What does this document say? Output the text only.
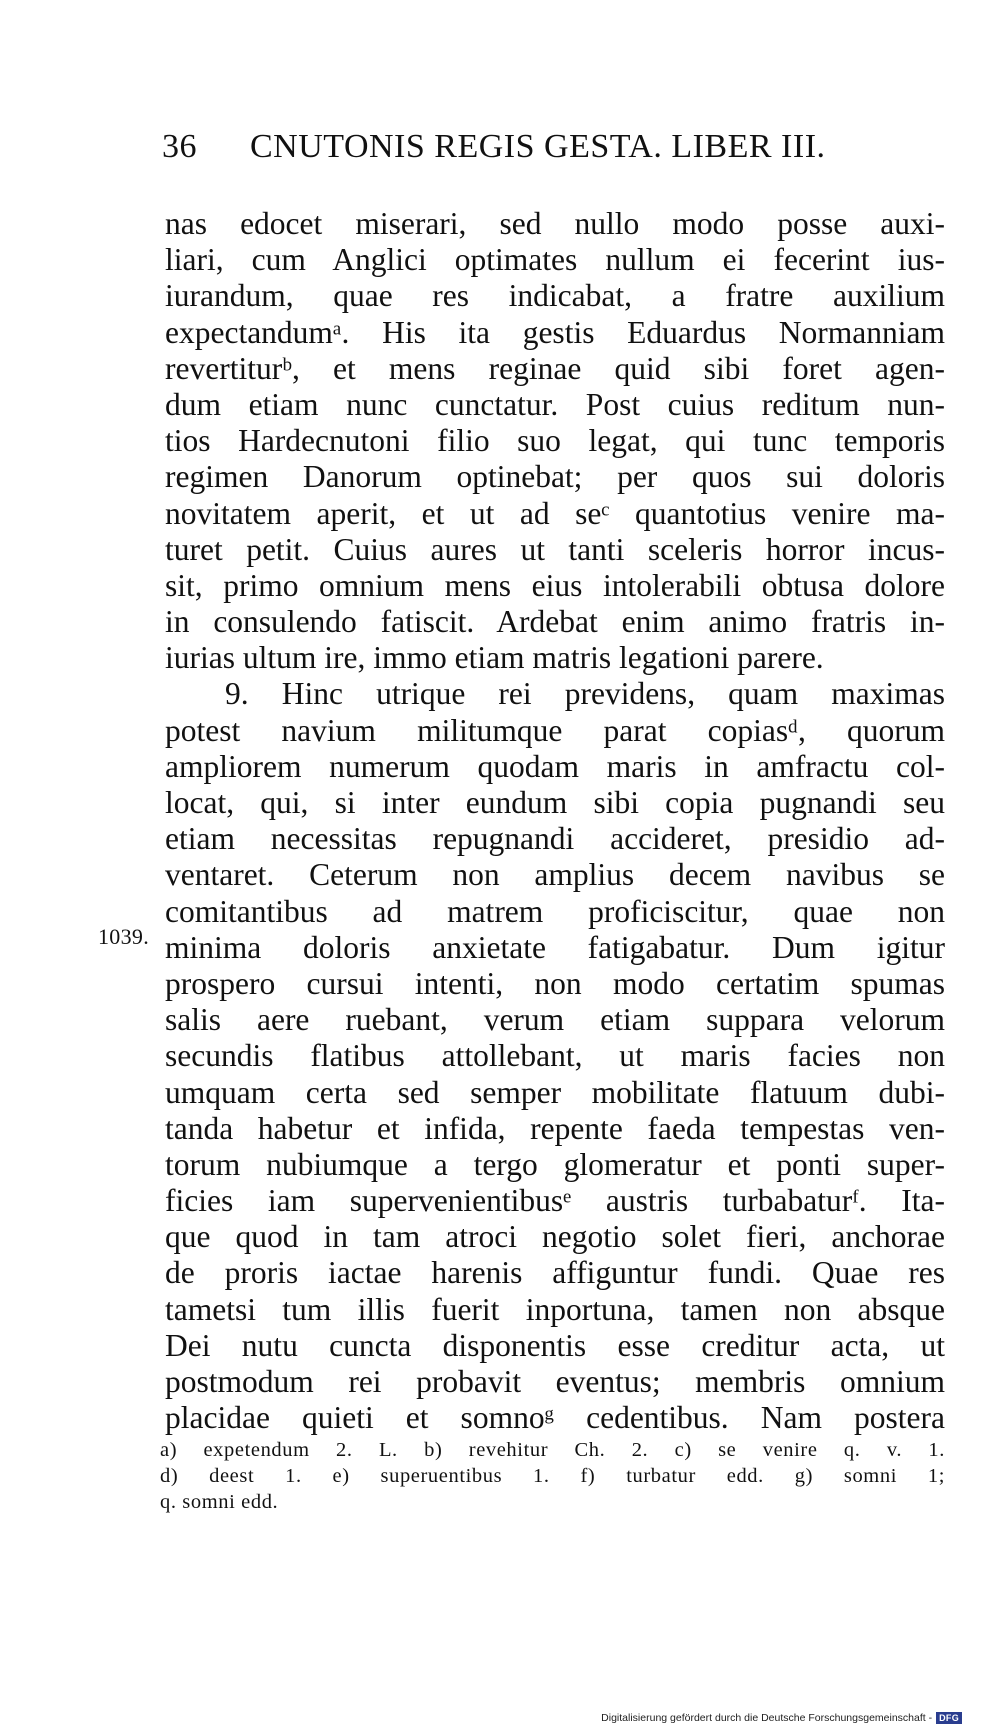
36 CNUTONIS REGIS GESTA. LIBER III.
nas edocet miserari, sed nullo modo posse auxi-
liari, cum Anglici optimates nullum ei fecerint ius-
iurandum, quae res indicabat, a fratre auxilium
expectandumᵃ. His ita gestis Eduardus Normanniam
revertiturᵇ, et mens reginae quid sibi foret agen-
dum etiam nunc cunctatur. Post cuius reditum nun-
tios Hardecnutoni filio suo legat, qui tunc temporis
regimen Danorum optinebat; per quos sui doloris
novitatem aperit, et ut ad seᶜ quantotius venire ma-
turet petit. Cuius aures ut tanti sceleris horror incus-
sit, primo omnium mens eius intolerabili obtusa dolore
in consulendo fatiscit. Ardebat enim animo fratris in-
iurias ultum ire, immo etiam matris legationi parere.
9. Hinc utrique rei previdens, quam maximas
potest navium militumque parat copiasᵈ, quorum
ampliorem numerum quodam maris in amfractu col-
locat, qui, si inter eundum sibi copia pugnandi seu
etiam necessitas repugnandi accideret, presidio ad-
ventaret. Ceterum non amplius decem navibus se
comitantibus ad matrem proficiscitur, quae non
minima doloris anxietate fatigabatur. Dum igitur
prospero cursui intenti, non modo certatim spumas
salis aere ruebant, verum etiam suppara velorum
secundis flatibus attollebant, ut maris facies non
umquam certa sed semper mobilitate flatuum dubi-
tanda habetur et infida, repente faeda tempestas ven-
torum nubiumque a tergo glomeratur et ponti super-
ficies iam supervenientibusᵉ austris turbabaturᶠ. Ita-
que quod in tam atroci negotio solet fieri, anchorae
de proris iactae harenis affiguntur fundi. Quae res
tametsi tum illis fuerit inportuna, tamen non absque
Dei nutu cuncta disponentis esse creditur acta, ut
postmodum rei probavit eventus; membris omnium
placidae quieti et somnoᵍ cedentibus. Nam postera
1039.
a) expetendum 2. L. b) revehitur Ch. 2. c) se venire q. v. 1.
d) deest 1. e) superuentibus 1. f) turbatur edd. g) somni 1;
q. somni edd.
Digitalisierung gefördert durch die Deutsche Forschungsgemeinschaft - DFG
